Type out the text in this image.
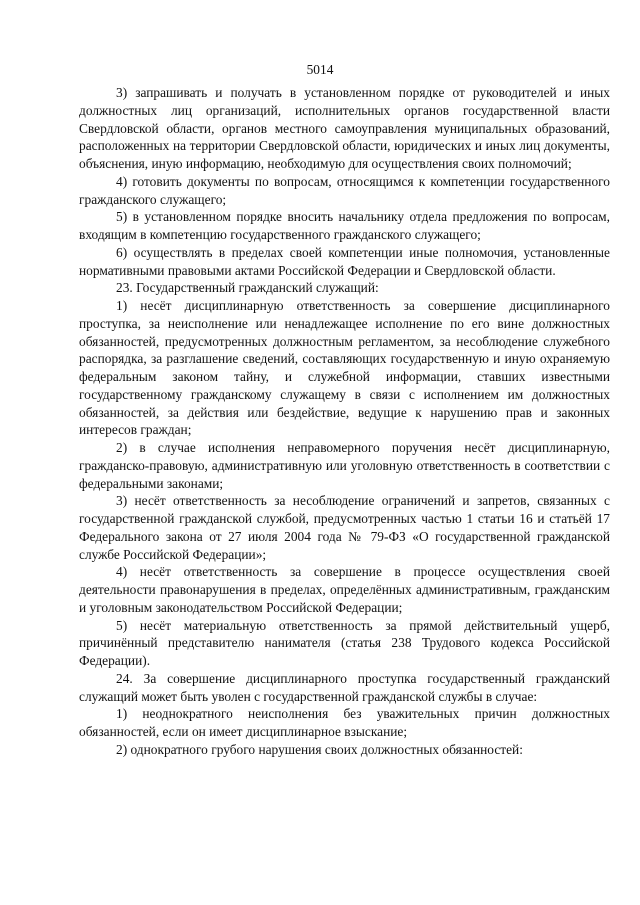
5014

3) запрашивать и получать в установленном порядке от руководителей и иных должностных лиц организаций, исполнительных органов государственной власти Свердловской области, органов местного самоуправления муниципальных образований, расположенных на территории Свердловской области, юридических и иных лиц документы, объяснения, иную информацию, необходимую для осуществления своих полномочий;

4) готовить документы по вопросам, относящимся к компетенции государственного гражданского служащего;

5) в установленном порядке вносить начальнику отдела предложения по вопросам, входящим в компетенцию государственного гражданского служащего;

6) осуществлять в пределах своей компетенции иные полномочия, установленные нормативными правовыми актами Российской Федерации и Свердловской области.

23. Государственный гражданский служащий:

1) несёт дисциплинарную ответственность за совершение дисциплинарного проступка, за неисполнение или ненадлежащее исполнение по его вине должностных обязанностей, предусмотренных должностным регламентом, за несоблюдение служебного распорядка, за разглашение сведений, составляющих государственную и иную охраняемую федеральным законом тайну, и служебной информации, ставших известными государственному гражданскому служащему в связи с исполнением им должностных обязанностей, за действия или бездействие, ведущие к нарушению прав и законных интересов граждан;

2) в случае исполнения неправомерного поручения несёт дисциплинарную, гражданско-правовую, административную или уголовную ответственность в соответствии с федеральными законами;

3) несёт ответственность за несоблюдение ограничений и запретов, связанных с государственной гражданской службой, предусмотренных частью 1 статьи 16 и статьёй 17 Федерального закона от 27 июля 2004 года № 79-ФЗ «О государственной гражданской службе Российской Федерации»;

4) несёт ответственность за совершение в процессе осуществления своей деятельности правонарушения в пределах, определённых административным, гражданским и уголовным законодательством Российской Федерации;

5) несёт материальную ответственность за прямой действительный ущерб, причинённый представителю нанимателя (статья 238 Трудового кодекса Российской Федерации).

24. За совершение дисциплинарного проступка государственный гражданский служащий может быть уволен с государственной гражданской службы в случае:

1) неоднократного неисполнения без уважительных причин должностных обязанностей, если он имеет дисциплинарное взыскание;

2) однократного грубого нарушения своих должностных обязанностей:
